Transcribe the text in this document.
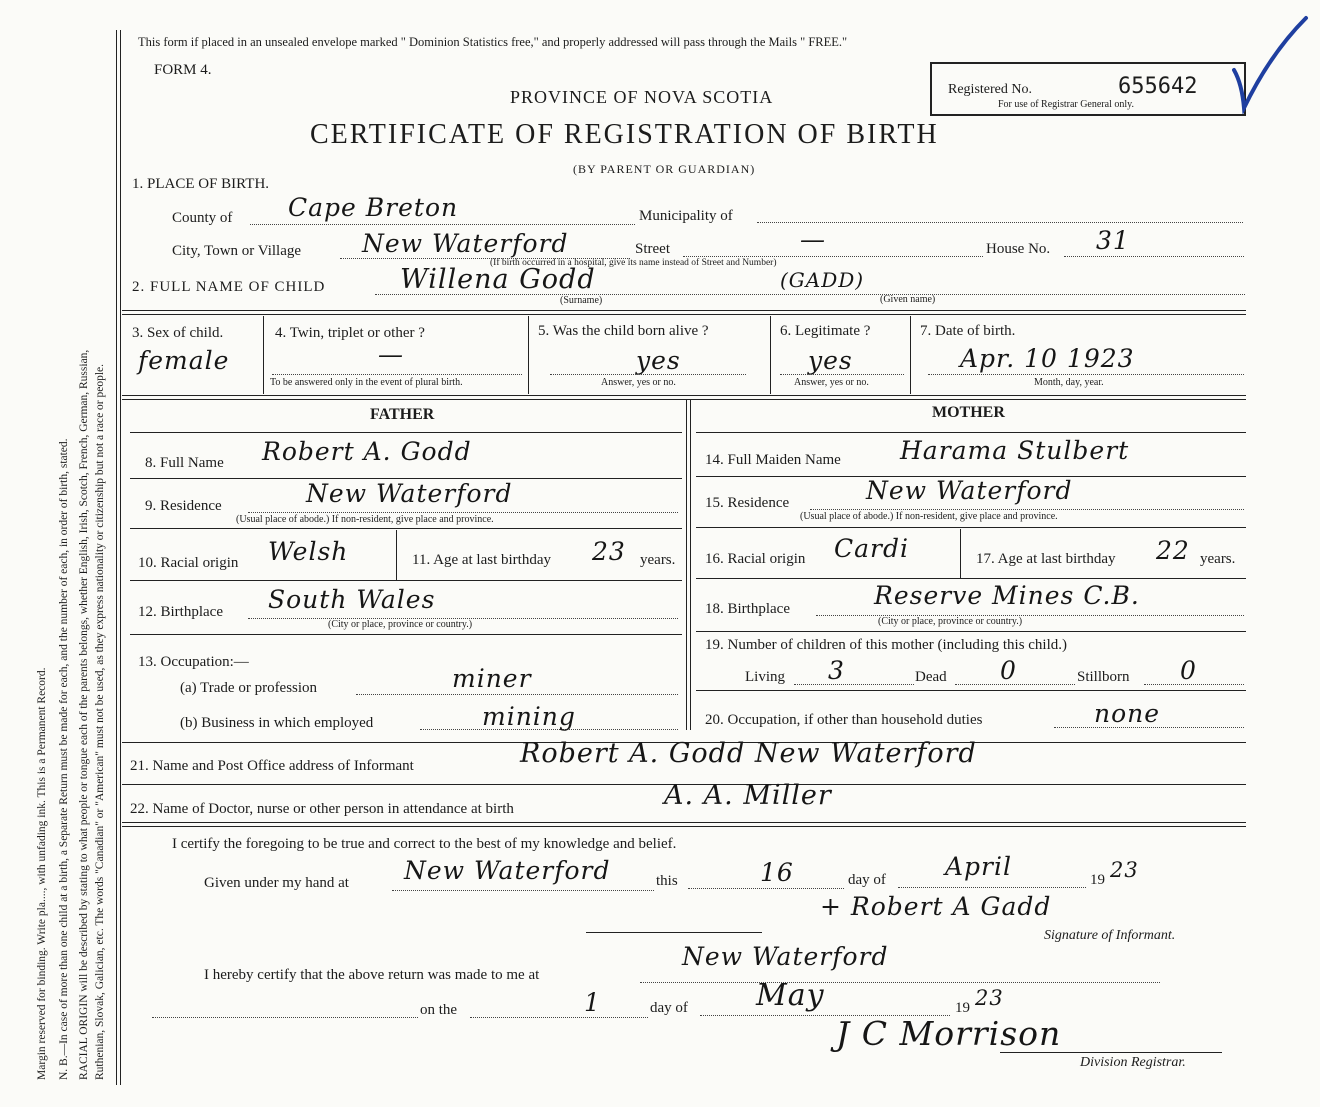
Margin reserved for binding. Write pla...., with unfading ink. This is a Permanent Record. N. B.—In case of more than one child at a birth, a Separate Return must be made for each, and the number of each, in order of birth, stated. RACIAL ORIGIN will be described by stating to what people or tongue each of the parents belongs, whether English, Irish, Scotch, French, German, Russian, Ruthenian, Slovak, Galician, etc. The words "Canadian" or "American" must not be used, as they express nationality or citizenship but not a race or people.
This form if placed in an unsealed envelope marked " Dominion Statistics free," and properly addressed will pass through the Mails " FREE."
FORM 4.
PROVINCE OF NOVA SCOTIA
CERTIFICATE OF REGISTRATION OF BIRTH
(BY PARENT OR GUARDIAN)
Registered No.	655642
For use of Registrar General only.
1. PLACE OF BIRTH.
County of Cape Breton	Municipality of
City, Town or Village New Waterford	Street	—	House No. 31
(If birth occurred in a hospital, give its name instead of Street and Number)
2. FULL NAME OF CHILD	Willena Godd	(GADD)
(Surname)	(Given name)
3. Sex of child.
female
4. Twin, triplet or other ?
—
To be answered only in the event of plural birth.
5. Was the child born alive ?
yes
Answer, yes or no.
6. Legitimate ?
yes
Answer, yes or no.
7. Date of birth.
Apr. 10 1923
Month, day, year.
FATHER	MOTHER
8. Full Name Robert A. Godd
9. Residence	New Waterford
(Usual place of abode.) If non-resident, give place and province.
10. Racial origin Welsh	11. Age at last birthday 23 years.
12. Birthplace South Wales
(City or place, province or country.)
13. Occupation:—
(a) Trade or profession	miner
(b) Business in which employed	mining
14. Full Maiden Name Harama Stulbert
15. Residence	New Waterford
(Usual place of abode.) If non-resident, give place and province.
16. Racial origin Cardi	17. Age at last birthday 22 years.
18. Birthplace	Reserve Mines C.B.
(City or place, province or country.)
19. Number of children of this mother (including this child.)
Living 3	Dead 0	Stillborn 0
20. Occupation, if other than household duties	none
21. Name and Post Office address of Informant	Robert A. Godd New Waterford
22. Name of Doctor, nurse or other person in attendance at birth	A. A. Miller
I certify the foregoing to be true and correct to the best of my knowledge and belief.
Given under my hand at New Waterford	this	16	day of April	19 23
+ Robert A Gadd
Signature of Informant.
I hereby certify that the above return was made to me at
New Waterford
on the	1	day of May	19 23
J C Morrison
Division Registrar.
